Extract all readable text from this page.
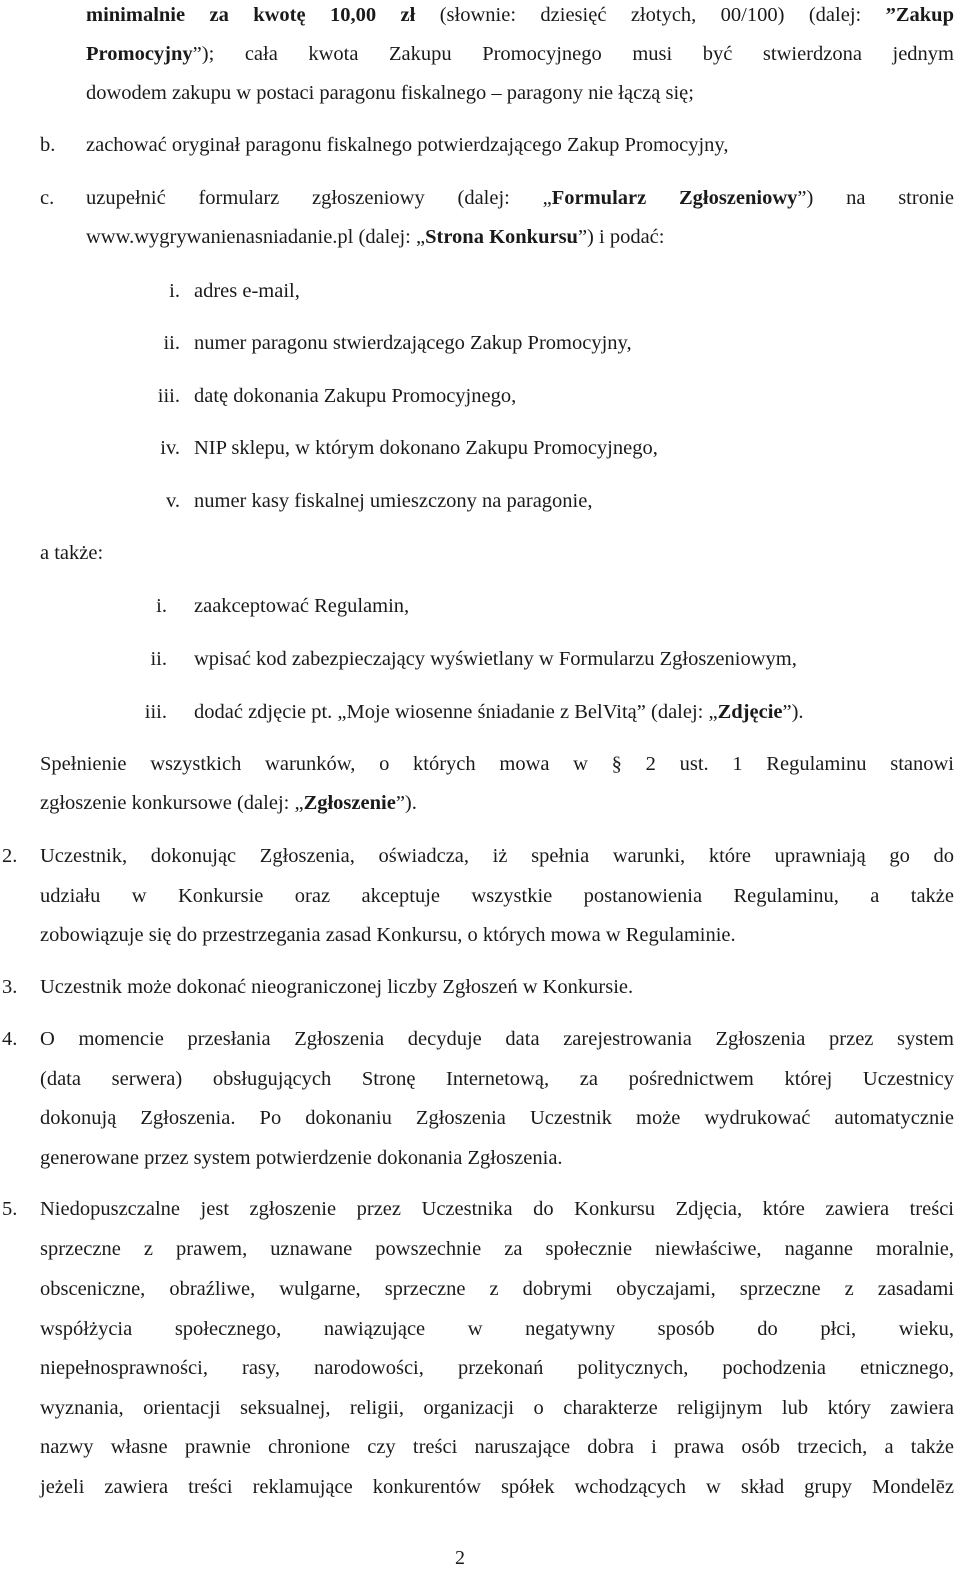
minimalnie za kwotę 10,00 zł (słownie: dziesięć złotych, 00/100) (dalej: ”Zakup
Promocyjny”); cała kwota Zakupu Promocyjnego musi być stwierdzona jednym
dowodem zakupu w postaci paragonu fiskalnego – paragony nie łączą się;
b. zachować oryginał paragonu fiskalnego potwierdzającego Zakup Promocyjny,
c. uzupełnić formularz zgłoszeniowy (dalej: „Formularz Zgłoszeniowy”) na stronie
www.wygrywanienasniadanie.pl (dalej: „Strona Konkursu”) i podać:
i. adres e-mail,
ii. numer paragonu stwierdzającego Zakup Promocyjny,
iii. datę dokonania Zakupu Promocyjnego,
iv. NIP sklepu, w którym dokonano Zakupu Promocyjnego,
v. numer kasy fiskalnej umieszczony na paragonie,
a także:
i. zaakceptować Regulamin,
ii. wpisać kod zabezpieczający wyświetlany w Formularzu Zgłoszeniowym,
iii. dodać zdjęcie pt. „Moje wiosenne śniadanie z BelVitą” (dalej: „Zdjęcie”).
Spełnienie wszystkich warunków, o których mowa w § 2 ust. 1 Regulaminu stanowi
zgłoszenie konkursowe (dalej: „Zgłoszenie”).
2. Uczestnik, dokonując Zgłoszenia, oświadcza, iż spełnia warunki, które uprawniają go do
udziału w Konkursie oraz akceptuje wszystkie postanowienia Regulaminu, a także
zobowiązuje się do przestrzegania zasad Konkursu, o których mowa w Regulaminie.
3. Uczestnik może dokonać nieograniczonej liczby Zgłoszeń w Konkursie.
4. O momencie przesłania Zgłoszenia decyduje data zarejestrowania Zgłoszenia przez system
(data serwera) obsługujących Stronę Internetową, za pośrednictwem której Uczestnicy
dokonują Zgłoszenia. Po dokonaniu Zgłoszenia Uczestnik może wydrukować automatycznie
generowane przez system potwierdzenie dokonania Zgłoszenia.
5. Niedopuszczalne jest zgłoszenie przez Uczestnika do Konkursu Zdjęcia, które zawiera treści
sprzeczne z prawem, uznawane powszechnie za społecznie niewłaściwe, naganne moralnie,
obsceniczne, obraźliwe, wulgarne, sprzeczne z dobrymi obyczajami, sprzeczne z zasadami
współżycia społecznego, nawiązujące w negatywny sposób do płci, wieku,
niepełnosprawności, rasy, narodowości, przekonań politycznych, pochodzenia etnicznego,
wyznania, orientacji seksualnej, religii, organizacji o charakterze religijnym lub który zawiera
nazwy własne prawnie chronione czy treści naruszające dobra i prawa osób trzecich, a także
jeżeli zawiera treści reklamujące konkurentów spółek wchodzących w skład grupy Mondelēz
2
